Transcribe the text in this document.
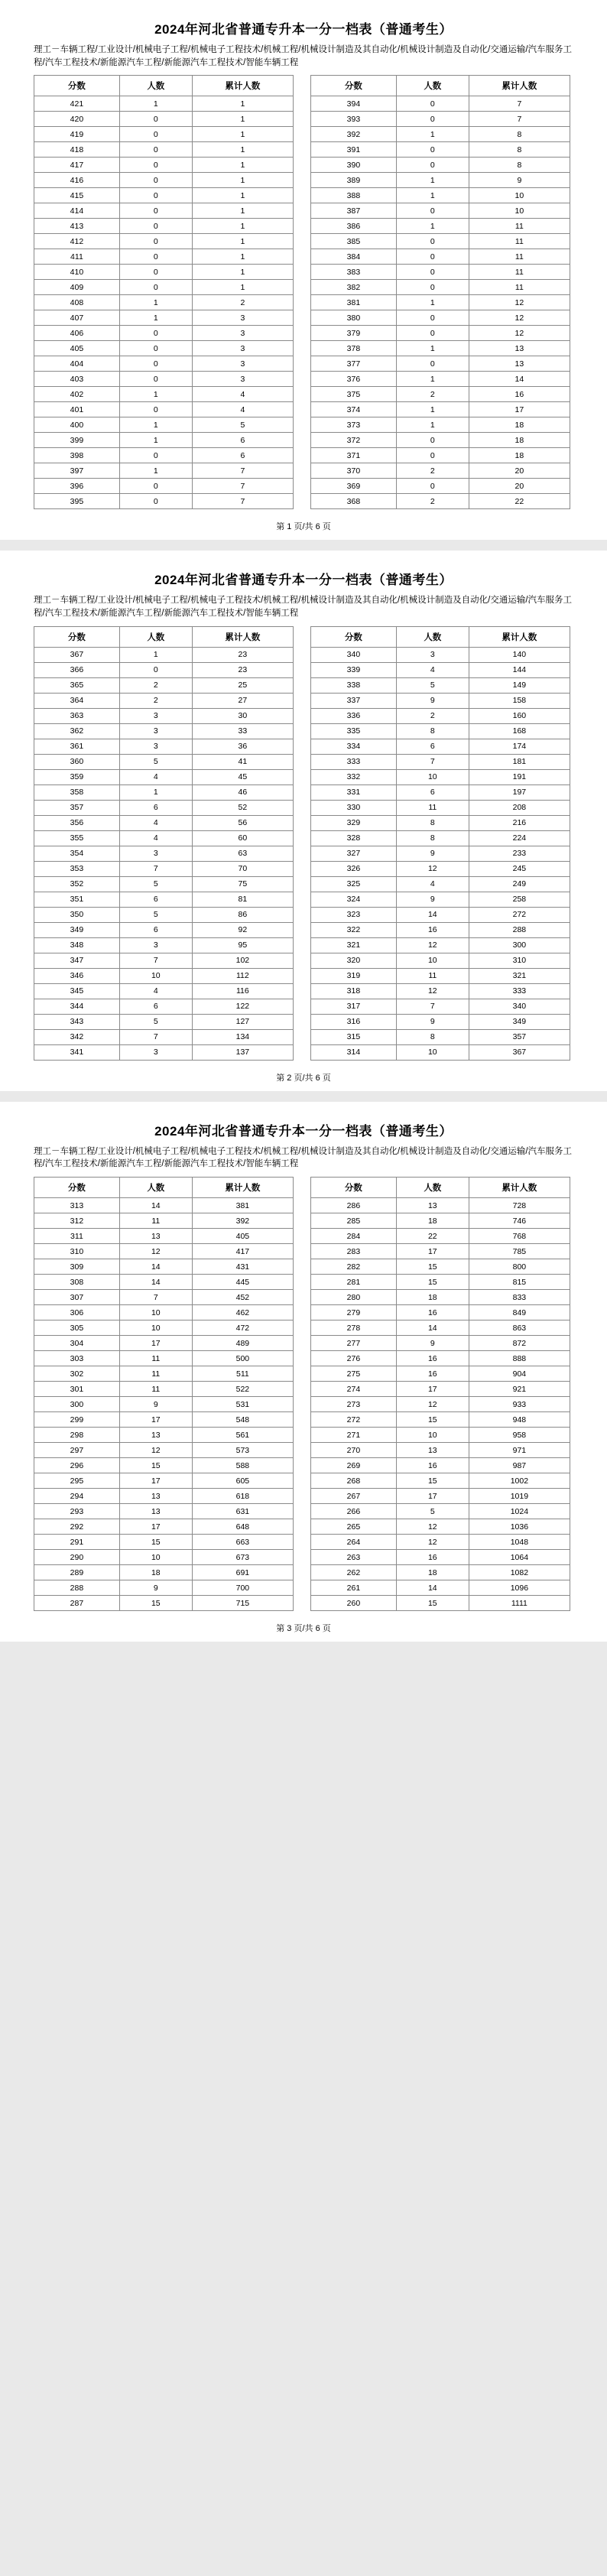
2024年河北省普通专升本一分一档表（普通考生）
理工－车辆工程/工业设计/机械电子工程/机械电子工程技术/机械工程/机械设计制造及其自动化/机械设计制造及自动化/交通运输/汽车服务工程/汽车工程技术/新能源汽车工程/新能源汽车工程技术/智能车辆工程
分数	人数	累计人数
421	1	1
420	0	1
419	0	1
418	0	1
417	0	1
416	0	1
415	0	1
414	0	1
413	0	1
412	0	1
411	0	1
410	0	1
409	0	1
408	1	2
407	1	3
406	0	3
405	0	3
404	0	3
403	0	3
402	1	4
401	0	4
400	1	5
399	1	6
398	0	6
397	1	7
396	0	7
395	0	7
分数	人数	累计人数
394	0	7
393	0	7
392	1	8
391	0	8
390	0	8
389	1	9
388	1	10
387	0	10
386	1	11
385	0	11
384	0	11
383	0	11
382	0	11
381	1	12
380	0	12
379	0	12
378	1	13
377	0	13
376	1	14
375	2	16
374	1	17
373	1	18
372	0	18
371	0	18
370	2	20
369	0	20
368	2	22
第 1 页/共 6 页
2024年河北省普通专升本一分一档表（普通考生）
理工－车辆工程/工业设计/机械电子工程/机械电子工程技术/机械工程/机械设计制造及其自动化/机械设计制造及自动化/交通运输/汽车服务工程/汽车工程技术/新能源汽车工程/新能源汽车工程技术/智能车辆工程
分数	人数	累计人数
367	1	23
366	0	23
365	2	25
364	2	27
363	3	30
362	3	33
361	3	36
360	5	41
359	4	45
358	1	46
357	6	52
356	4	56
355	4	60
354	3	63
353	7	70
352	5	75
351	6	81
350	5	86
349	6	92
348	3	95
347	7	102
346	10	112
345	4	116
344	6	122
343	5	127
342	7	134
341	3	137
分数	人数	累计人数
340	3	140
339	4	144
338	5	149
337	9	158
336	2	160
335	8	168
334	6	174
333	7	181
332	10	191
331	6	197
330	11	208
329	8	216
328	8	224
327	9	233
326	12	245
325	4	249
324	9	258
323	14	272
322	16	288
321	12	300
320	10	310
319	11	321
318	12	333
317	7	340
316	9	349
315	8	357
314	10	367
第 2 页/共 6 页
2024年河北省普通专升本一分一档表（普通考生）
理工－车辆工程/工业设计/机械电子工程/机械电子工程技术/机械工程/机械设计制造及其自动化/机械设计制造及自动化/交通运输/汽车服务工程/汽车工程技术/新能源汽车工程/新能源汽车工程技术/智能车辆工程
分数	人数	累计人数
313	14	381
312	11	392
311	13	405
310	12	417
309	14	431
308	14	445
307	7	452
306	10	462
305	10	472
304	17	489
303	11	500
302	11	511
301	11	522
300	9	531
299	17	548
298	13	561
297	12	573
296	15	588
295	17	605
294	13	618
293	13	631
292	17	648
291	15	663
290	10	673
289	18	691
288	9	700
287	15	715
分数	人数	累计人数
286	13	728
285	18	746
284	22	768
283	17	785
282	15	800
281	15	815
280	18	833
279	16	849
278	14	863
277	9	872
276	16	888
275	16	904
274	17	921
273	12	933
272	15	948
271	10	958
270	13	971
269	16	987
268	15	1002
267	17	1019
266	5	1024
265	12	1036
264	12	1048
263	16	1064
262	18	1082
261	14	1096
260	15	1111
第 3 页/共 6 页
